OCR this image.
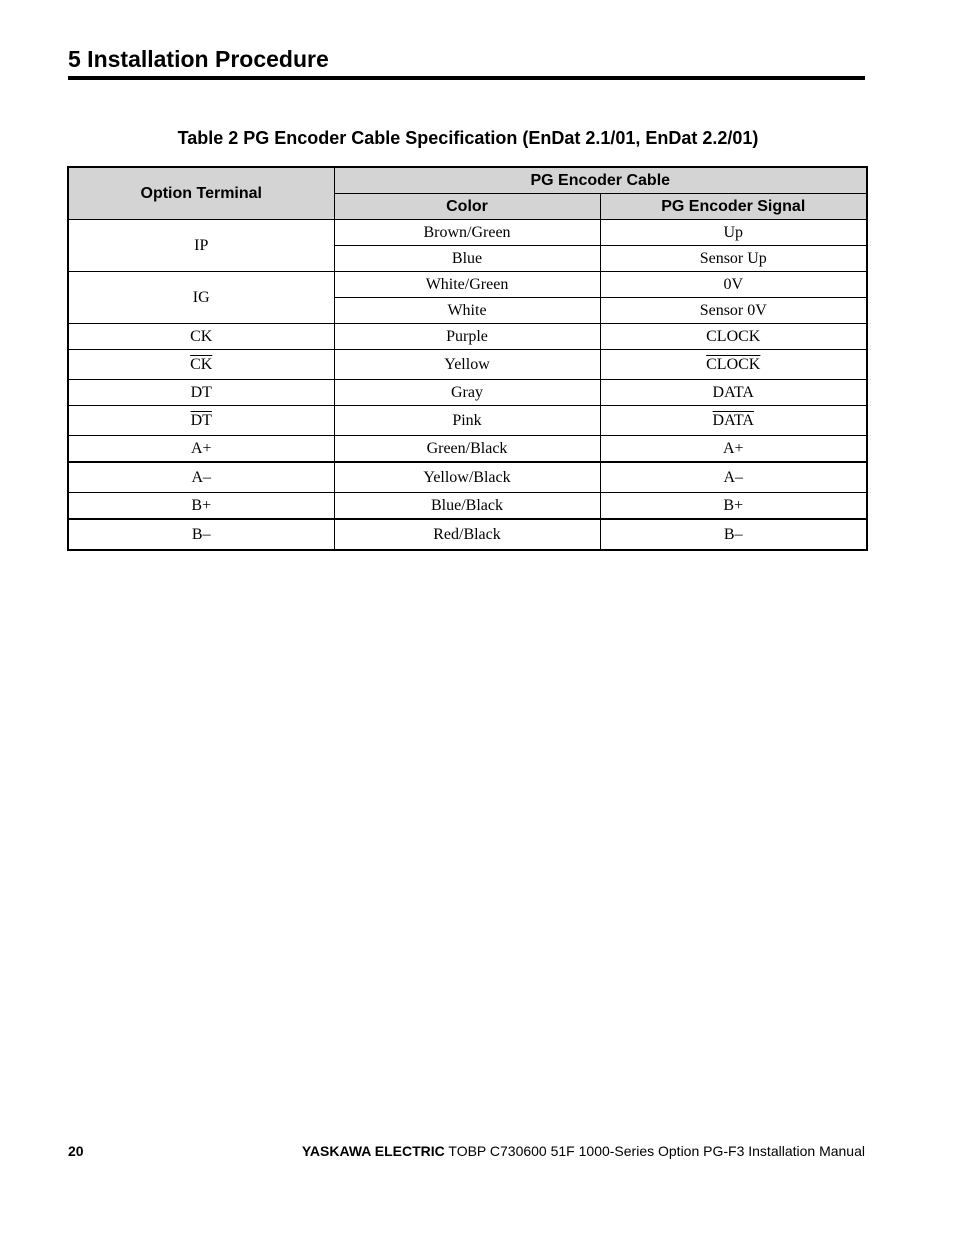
5 Installation Procedure
Table 2 PG Encoder Cable Specification (EnDat 2.1/01, EnDat 2.2/01)
Option Terminal	PG Encoder Cable	
	Color	PG Encoder Signal
IP	Brown/Green	Up
	Blue	Sensor Up
IG	White/Green	0V
	White	Sensor 0V
CK	Purple	CLOCK
$\overline{CK}$	Yellow	CLOCK
DT	Gray	DATA
$\overline{DT}$	Pink	DATA
A+	Green/Black	A+
A–	Yellow/Black	A–
B+	Blue/Black	B+
B–	Red/Black	B–
20	YASKAWA ELECTRIC TOBP C730600 51F 1000-Series Option PG-F3 Installation Manual
